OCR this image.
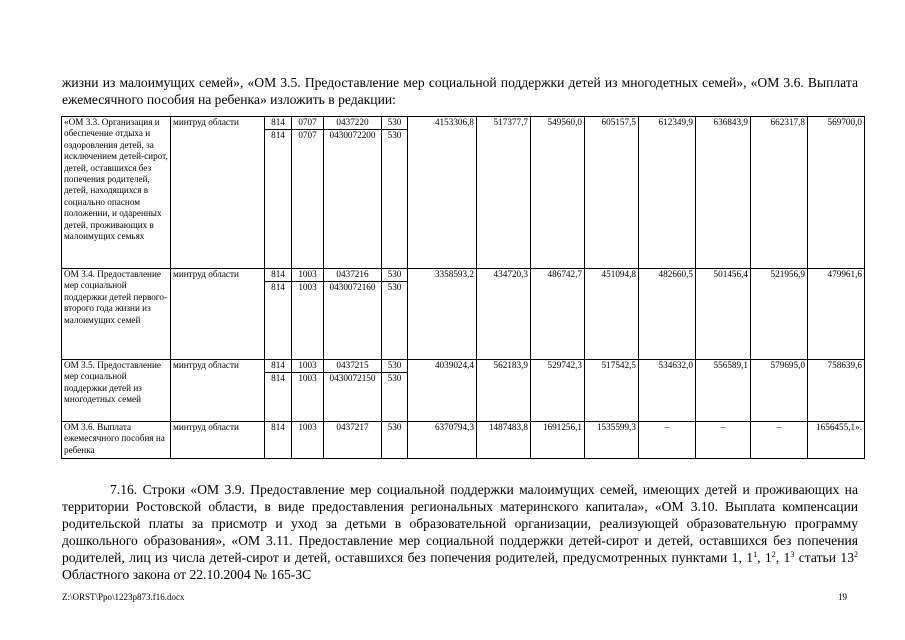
жизни из малоимущих семей», «ОМ 3.5. Предоставление мер социальной поддержки детей из многодетных семей», «ОМ 3.6. Выплата ежемесячного пособия на ребенка» изложить в редакции:
«ОМ 3.3. Организация и обеспечение отдыха и оздоровления детей, за исключением детей-сирот, детей, оставшихся без попечения родителей, детей, находящихся в социально опасном положении, и одаренных детей, проживающих в малоимущих семьях	минтруд области	814	0707	0437220	530	4153306,8	517377,7	549560,0	605157,5	612349,9	636843,9	662317,8	569700,0
		814	0707	0430072200	530								
ОМ 3.4. Предоставление мер социальной поддержки детей первого-второго года жизни из малоимущих семей	минтруд области	814	1003	0437216	530	3358593,2	434720,3	486742,7	451094,8	482660,5	501456,4	521956,9	479961,6
		814	1003	0430072160	530								
ОМ 3.5. Предоставление мер социальной поддержки детей из многодетных семей	минтруд области	814	1003	0437215	530	4039024,4	562183,9	529742,3	517542,5	534632,0	556589,1	579695,0	758639,6
		814	1003	0430072150	530								
ОМ 3.6. Выплата ежемесячного пособия на ребенка	минтруд области	814	1003	0437217	530	6370794,3	1487483,8	1691256,1	1535599,3	–	–	–	1656455,1».
7.16. Строки «ОМ 3.9. Предоставление мер социальной поддержки малоимущих семей, имеющих детей и проживающих на территории Ростовской области, в виде предоставления региональных материнского капитала», «ОМ 3.10. Выплата компенсации родительской платы за присмотр и уход за детьми в образовательной организации, реализующей образовательную программу дошкольного образования», «ОМ 3.11. Предоставление мер социальной поддержки детей-сирот и детей, оставшихся без попечения родителей, лиц из числа детей-сирот и детей, оставшихся без попечения родителей, предусмотренных пунктами 1, $1^1$, $1^2$, $1^3$ статьи $13^2$ Областного закона от 22.10.2004 № 165-ЗС
Z:\ORST\Ppo\1223p873.f16.docx	19
